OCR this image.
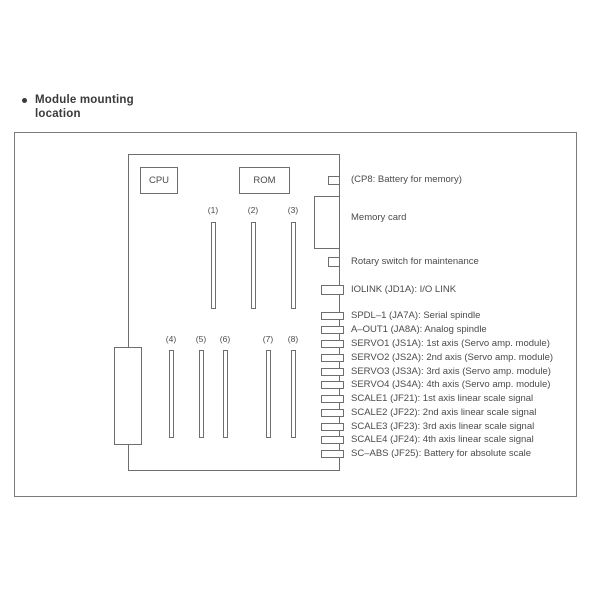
Module mounting
location
CPU	ROM
(1)	(2)	(3)
(4)	(5)	(6)	(7)	(8)
(CP8: Battery for memory)
Memory card
Rotary switch for maintenance
IOLINK (JD1A): I/O LINK
SPDL–1 (JA7A): Serial spindle
A–OUT1 (JA8A): Analog spindle
SERVO1 (JS1A): 1st axis (Servo amp. module)
SERVO2 (JS2A): 2nd axis (Servo amp. module)
SERVO3 (JS3A): 3rd axis (Servo amp. module)
SERVO4 (JS4A): 4th axis (Servo amp. module)
SCALE1 (JF21): 1st axis linear scale signal
SCALE2 (JF22): 2nd axis linear scale signal
SCALE3 (JF23): 3rd axis linear scale signal
SCALE4 (JF24): 4th axis linear scale signal
SC–ABS (JF25): Battery for absolute scale
